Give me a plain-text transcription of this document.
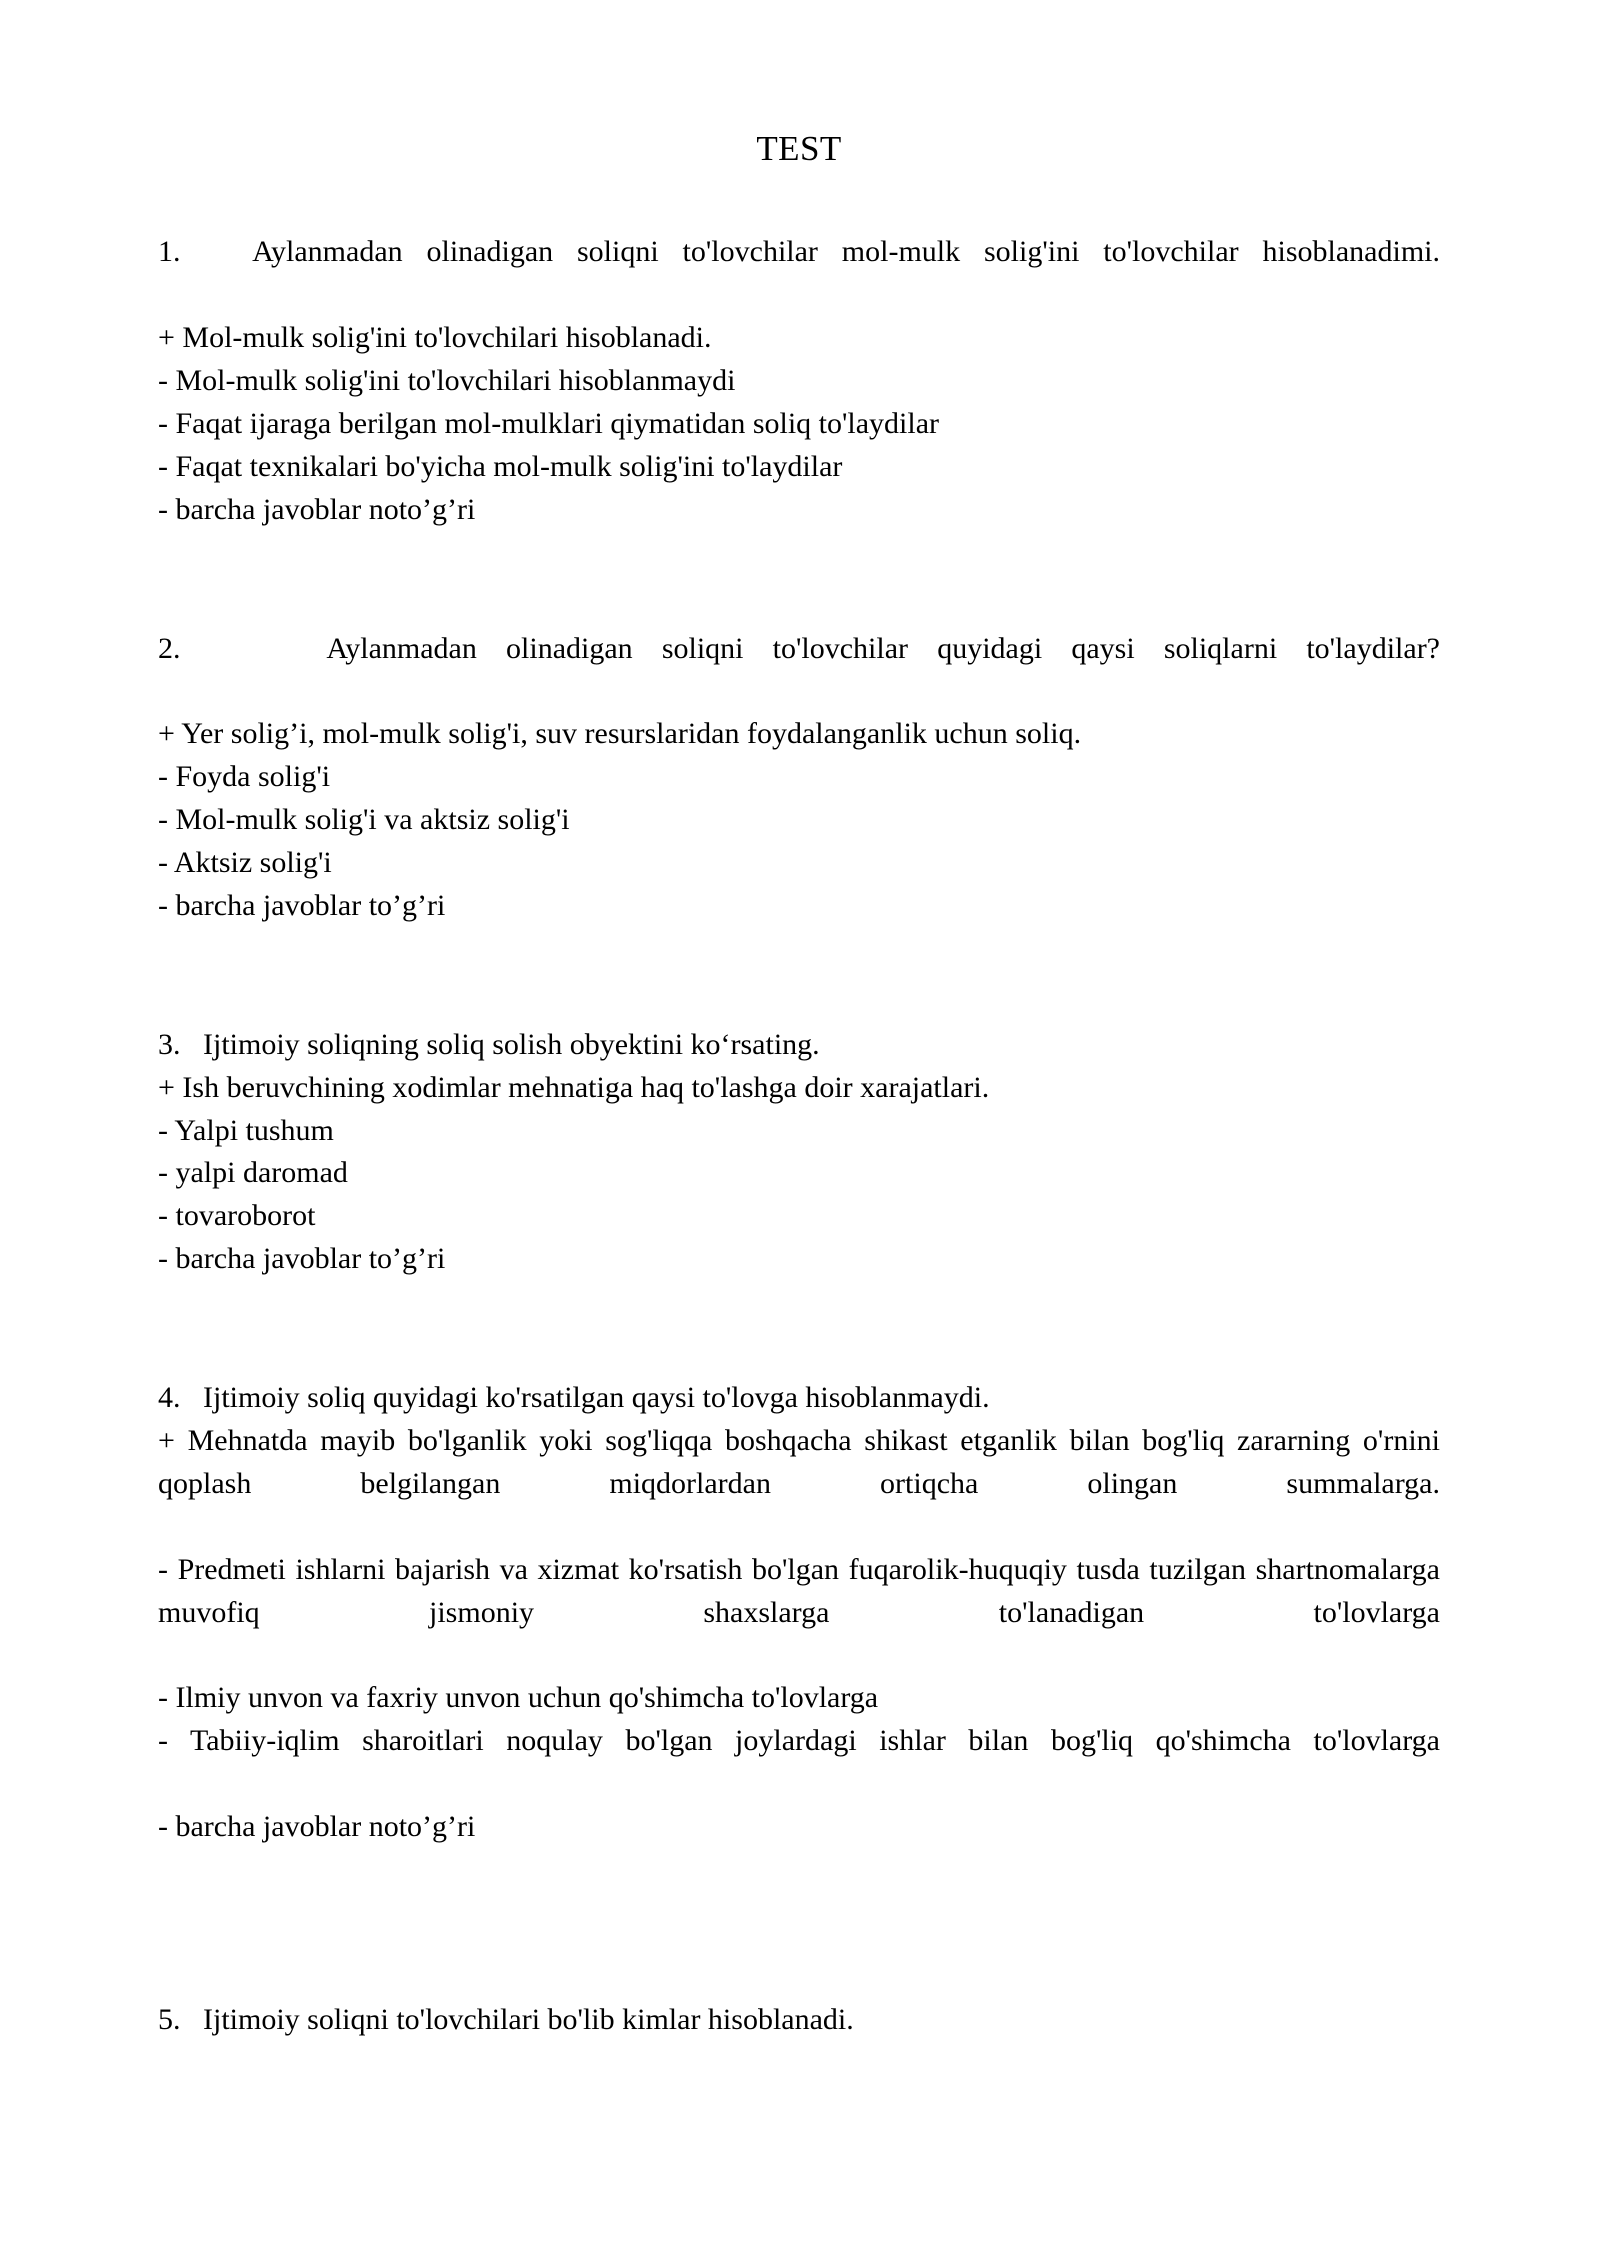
TEST

1. Aylanmadan olinadigan soliqni to'lovchilar mol-mulk solig'ini to'lovchilar hisoblanadimi.

+ Mol-mulk solig'ini to'lovchilari hisoblanadi.

- Mol-mulk solig'ini to'lovchilari hisoblanmaydi

- Faqat ijaraga berilgan mol-mulklari qiymatidan soliq to'laydilar

- Faqat texnikalari bo'yicha mol-mulk solig'ini to'laydilar

- barcha javoblar noto’g’ri

2.	Aylanmadan olinadigan soliqni to'lovchilar quyidagi qaysi soliqlarni to'laydilar?

+ Yer solig’i, mol-mulk solig'i, suv resurslaridan foydalanganlik uchun soliq.

- Foyda solig'i

- Mol-mulk solig'i va aktsiz solig'i

- Aktsiz solig'i

- barcha javoblar to’g’ri

3. Ijtimoiy soliqning soliq solish obyektini ko‘rsating.

+ Ish beruvchining xodimlar mehnatiga haq to'lashga doir xarajatlari.

- Yalpi tushum

- yalpi daromad

- tovaroborot

- barcha javoblar to’g’ri

4. Ijtimoiy soliq quyidagi ko'rsatilgan qaysi to'lovga hisoblanmaydi.

+ Mehnatda mayib bo'lganlik yoki sog'liqqa boshqacha shikast etganlik bilan bog'liq zararning o'rnini qoplash belgilangan miqdorlardan ortiqcha olingan summalarga.

- Predmeti ishlarni bajarish va xizmat ko'rsatish bo'lgan fuqarolik-huquqiy tusda tuzilgan shartnomalarga muvofiq jismoniy shaxslarga to'lanadigan to'lovlarga

- Ilmiy unvon va faxriy unvon uchun qo'shimcha to'lovlarga

- Tabiiy-iqlim sharoitlari noqulay bo'lgan joylardagi ishlar bilan bog'liq qo'shimcha to'lovlarga

- barcha javoblar noto’g’ri

5. Ijtimoiy soliqni to'lovchilari bo'lib kimlar hisoblanadi.
